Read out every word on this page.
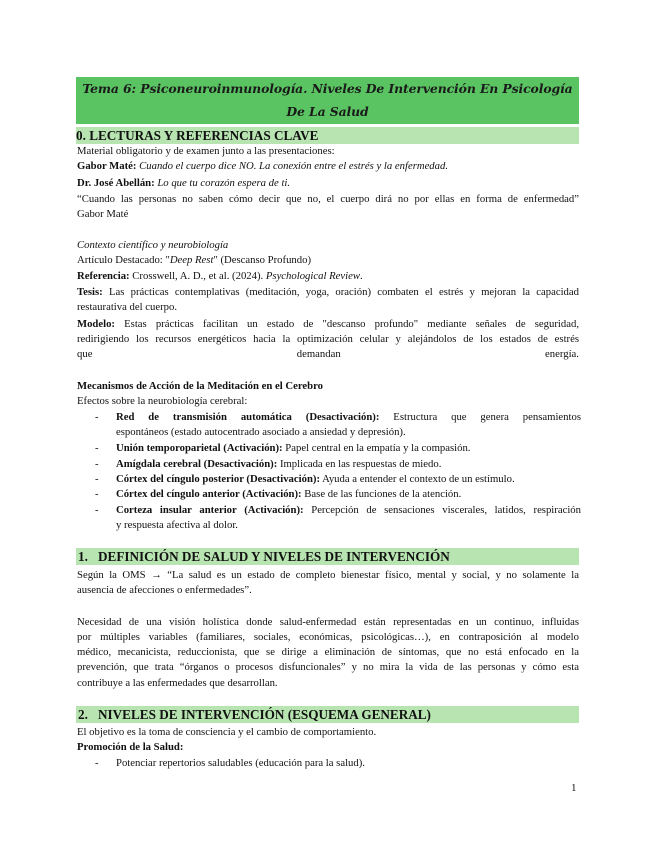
Tema 6: Psiconeuroinmunología. Niveles De Intervención En Psicología
De La Salud
0. LECTURAS Y REFERENCIAS CLAVE
Material obligatorio y de examen junto a las presentaciones:
Gabor Maté: Cuando el cuerpo dice NO. La conexión entre el estrés y la enfermedad.
Dr. José Abellán: Lo que tu corazón espera de ti.
“Cuando las personas no saben cómo decir que no, el cuerpo dirá no por ellas en forma de enfermedad”
Gabor Maté
Contexto científico y neurobiología
Artículo Destacado: "Deep Rest" (Descanso Profundo)
Referencia: Crosswell, A. D., et al. (2024). Psychological Review.
Tesis: Las prácticas contemplativas (meditación, yoga, oración) combaten el estrés y mejoran la capacidad
restaurativa del cuerpo.
Modelo: Estas prácticas facilitan un estado de "descanso profundo" mediante señales de seguridad,
redirigiendo los recursos energéticos hacia la optimización celular y alejándolos de los estados de estrés
que	demandan	energía.
Mecanismos de Acción de la Meditación en el Cerebro
Efectos sobre la neurobiología cerebral:
- Red de transmisión automática (Desactivación): Estructura que genera pensamientos
espontáneos (estado autocentrado asociado a ansiedad y depresión).
- Unión temporoparietal (Activación): Papel central en la empatía y la compasión.
- Amígdala cerebral (Desactivación): Implicada en las respuestas de miedo.
- Córtex del cíngulo posterior (Desactivación): Ayuda a entender el contexto de un estímulo.
- Córtex del cíngulo anterior (Activación): Base de las funciones de la atención.
- Corteza insular anterior (Activación): Percepción de sensaciones viscerales, latidos, respiración
y respuesta afectiva al dolor.
1. DEFINICIÓN DE SALUD Y NIVELES DE INTERVENCIÓN
Según la OMS → “La salud es un estado de completo bienestar físico, mental y social, y no solamente la
ausencia de afecciones o enfermedades”.
Necesidad de una visión holística donde salud-enfermedad están representadas en un continuo, influidas
por múltiples variables (familiares, sociales, económicas, psicológicas…), en contraposición al modelo
médico, mecanicista, reduccionista, que se dirige a eliminación de síntomas, que no está enfocado en la
prevención, que trata “órganos o procesos disfuncionales” y no mira la vida de las personas y cómo esta
contribuye a las enfermedades que desarrollan.
2. NIVELES DE INTERVENCIÓN (ESQUEMA GENERAL)
El objetivo es la toma de consciencia y el cambio de comportamiento.
Promoción de la Salud:
- Potenciar repertorios saludables (educación para la salud).
1
